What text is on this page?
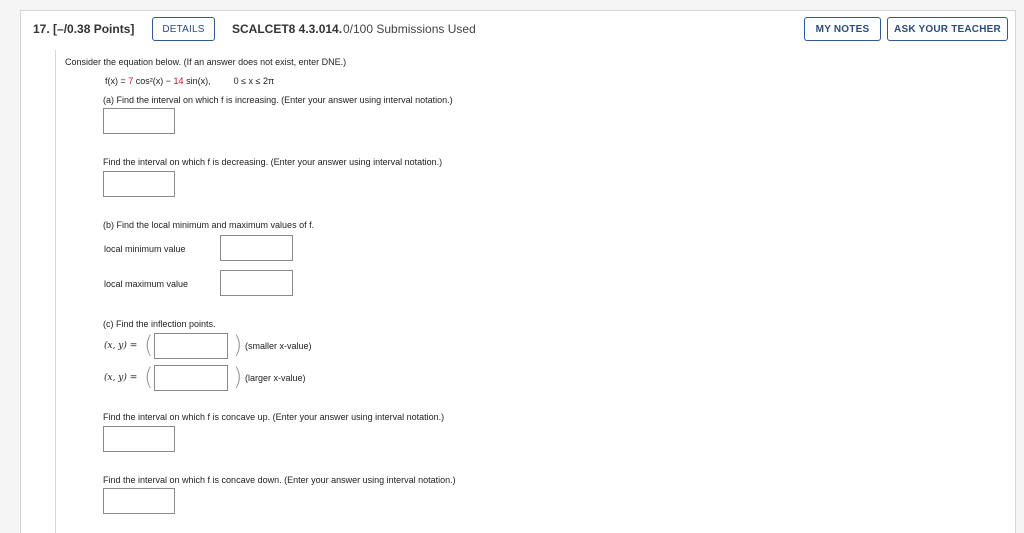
17. [–/0.38 Points]	DETAILS	SCALCET8 4.3.014. 0/100 Submissions Used	MY NOTES	ASK YOUR TEACHER
Consider the equation below. (If an answer does not exist, enter DNE.)
f(x) = 7 cos²(x) − 14 sin(x),	0 ≤ x ≤ 2π
(a) Find the interval on which f is increasing. (Enter your answer using interval notation.)
Find the interval on which f is decreasing. (Enter your answer using interval notation.)
(b) Find the local minimum and maximum values of f.
local minimum value
local maximum value
(c) Find the inflection points.
(x, y) = (	) (smaller x-value)
(x, y) = (	) (larger x-value)
Find the interval on which f is concave up. (Enter your answer using interval notation.)
Find the interval on which f is concave down. (Enter your answer using interval notation.)
